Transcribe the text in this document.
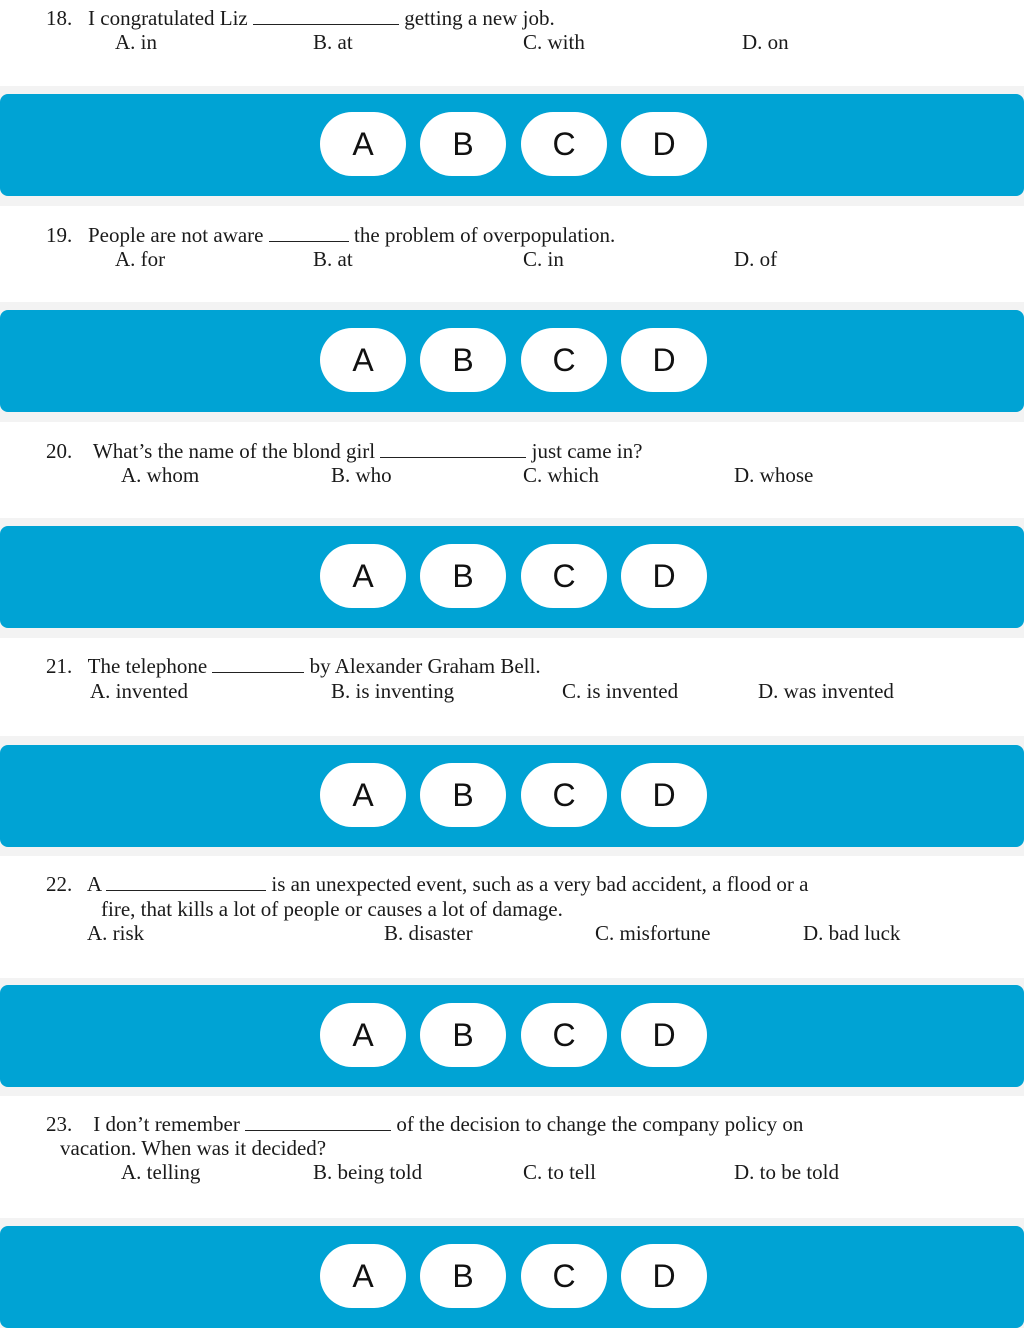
18. I congratulated Liz	getting a new job.
A. in	B. at	C. with	D. on
A	B	C	D
19. People are not aware	the problem of overpopulation.
A. for	B. at	C. in	D. of
A	B	C	D
20. What’s the name of the blond girl	just came in?
A. whom	B. who	C. which	D. whose
A	B	C	D
21. The telephone	by Alexander Graham Bell.
A. invented	B. is inventing	C. is invented	D. was invented
A	B	C	D
22. A	is an unexpected event, such as a very bad accident, a flood or a
fire, that kills a lot of people or causes a lot of damage.
A. risk	B. disaster	C. misfortune	D. bad luck
A	B	C	D
23. I don’t remember	of the decision to change the company policy on
vacation. When was it decided?
A. telling	B. being told	C. to tell	D. to be told
A	B	C	D
